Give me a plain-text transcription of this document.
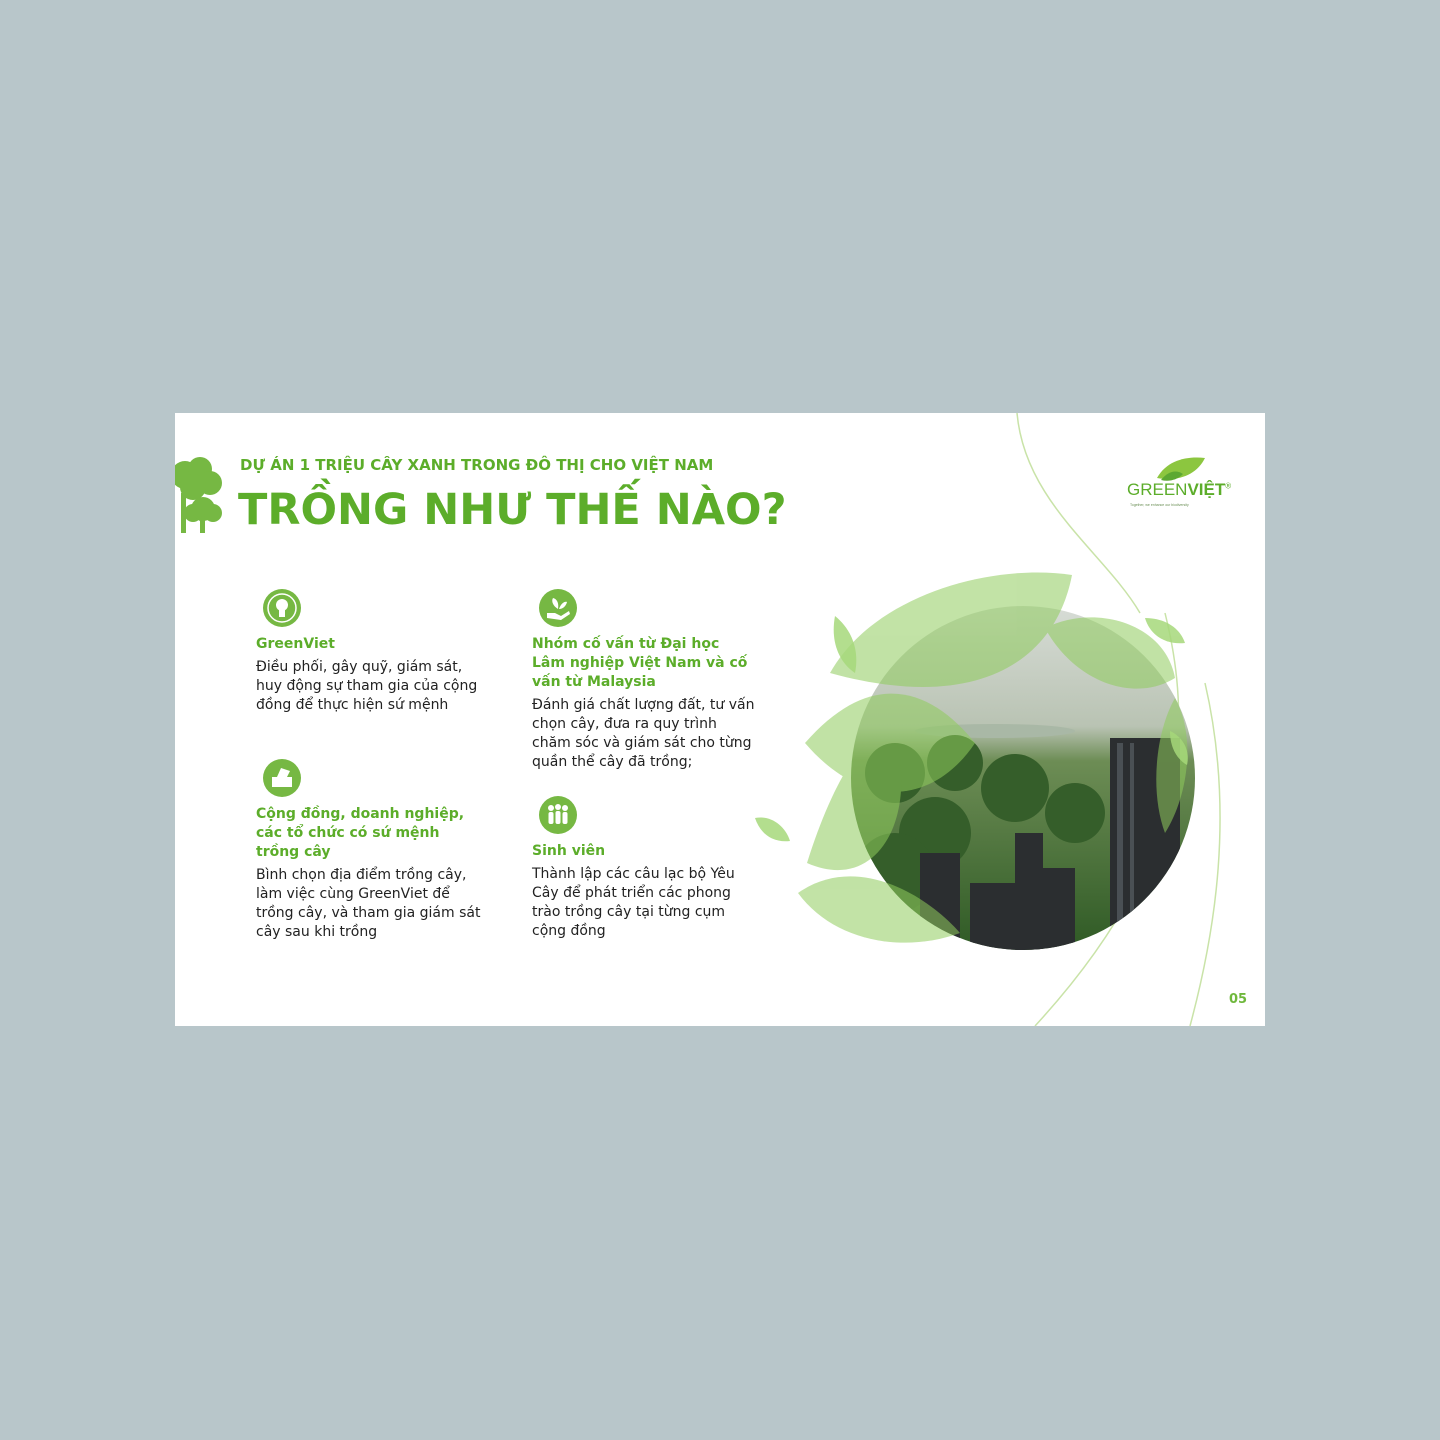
DỰ ÁN 1 TRIỆU CÂY XANH TRONG ĐÔ THỊ CHO VIỆT NAM
TRỒNG NHƯ THẾ NÀO?	GREENVIỆT®
Together, we enhance our biodiversity
GreenViet
Điều phối, gây quỹ, giám sát, huy động sự tham gia của cộng đồng để thực hiện sứ mệnh
Cộng đồng, doanh nghiệp, các tổ chức có sứ mệnh trồng cây
Bình chọn địa điểm trồng cây, làm việc cùng GreenViet để trồng cây, và tham gia giám sát cây sau khi trồng
Nhóm cố vấn từ Đại học Lâm nghiệp Việt Nam và cố vấn từ Malaysia
Đánh giá chất lượng đất, tư vấn chọn cây, đưa ra quy trình chăm sóc và giám sát cho từng quần thể cây đã trồng;
Sinh viên
Thành lập các câu lạc bộ Yêu Cây để phát triển các phong trào trồng cây tại từng cụm cộng đồng
05
